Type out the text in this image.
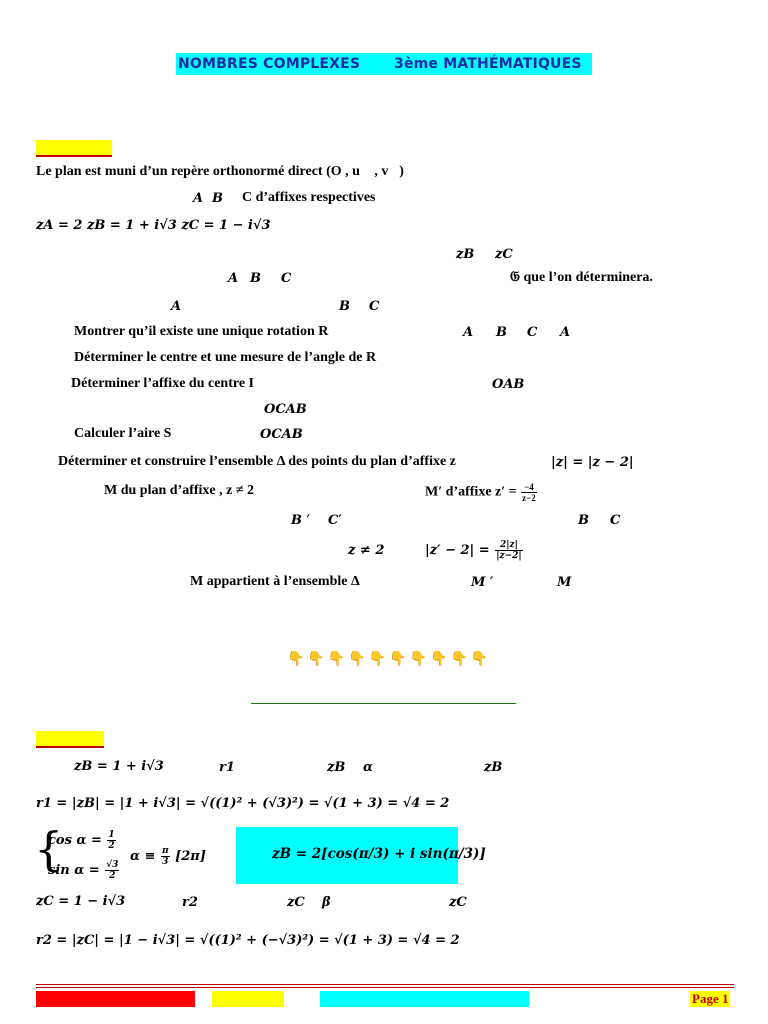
NOMBRES COMPLEXES 3ème MATHÉMATIQUES
Le plan est muni d’un repère orthonormé direct (O , u⃗ , v⃗)
A B C d’affixes respectives
zA = 2 zB = 1 + i√3 zC = 1 − i√3
zB zC
A B C	𝔊 que l’on déterminera.
A	B C
Montrer qu’il existe une unique rotation R	A B C A
Déterminer le centre et une mesure de l’angle de R
Déterminer l’affixe du centre I	OAB
OCAB
Calculer l’aire S	OCAB
Déterminer et construire l’ensemble Δ des points du plan d’affixe z	|z| = |z − 2|
M du plan d’affixe , z ≠ 2	M′ d’affixe $z' = \frac{-4}{z-2}$
B ′ C′	B C
z ≠ 2	$|z' - 2| = \frac{2|z|}{|z-2|}$
M appartient à l’ensemble Δ	M ′	M
👇👇👇👇👇👇👇👇👇👇
zB = 1 + i√3	r1	zB α	zB
r1 = |zB| = |1 + i√3| = √((1)² + (√3)²) = √(1 + 3) = √4 = 2
{
$\cos \alpha = \frac{1}{2}$
$\sin \alpha = \frac{√3}{2}$
$\alpha \equiv \frac{\pi}{3} [2\pi]$	zB = 2[cos(π/3) + i sin(π/3)]
zC = 1 − i√3	r2	zC β	zC
r2 = |zC| = |1 − i√3| = √((1)² + (−√3)²) = √(1 + 3) = √4 = 2
Page 1
